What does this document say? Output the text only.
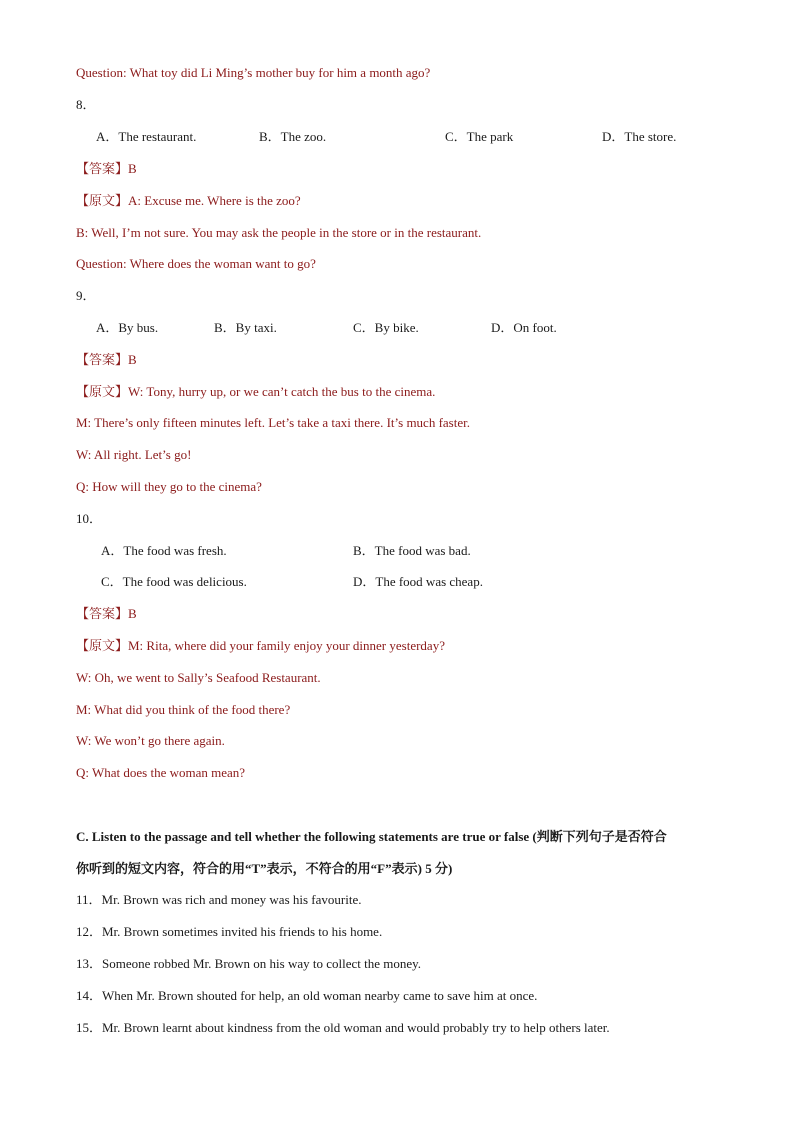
Question: What toy did Li Ming’s mother buy for him a month ago?
8．
A．The restaurant.	B．The zoo.	C．The park	D．The store.
【答案】B
【原文】A: Excuse me. Where is the zoo?
B: Well, I’m not sure. You may ask the people in the store or in the restaurant.
Question: Where does the woman want to go?
9．
A．By bus.	B．By taxi.	C．By bike.	D．On foot.
【答案】B
【原文】W: Tony, hurry up, or we can’t catch the bus to the cinema.
M: There’s only fifteen minutes left. Let’s take a taxi there. It’s much faster.
W: All right. Let’s go!
Q: How will they go to the cinema?
10．
A．The food was fresh.	B．The food was bad.
C．The food was delicious.	D．The food was cheap.
【答案】B
【原文】M: Rita, where did your family enjoy your dinner yesterday?
W: Oh, we went to Sally’s Seafood Restaurant.
M: What did you think of the food there?
W: We won’t go there again.
Q: What does the woman mean?
C. Listen to the passage and tell whether the following statements are true or false (判断下列句子是否符合
你听到的短文内容，符合的用“T”表示，不符合的用“F”表示) 5 分)
11．Mr. Brown was rich and money was his favourite.
12．Mr. Brown sometimes invited his friends to his home.
13．Someone robbed Mr. Brown on his way to collect the money.
14．When Mr. Brown shouted for help, an old woman nearby came to save him at once.
15．Mr. Brown learnt about kindness from the old woman and would probably try to help others later.
